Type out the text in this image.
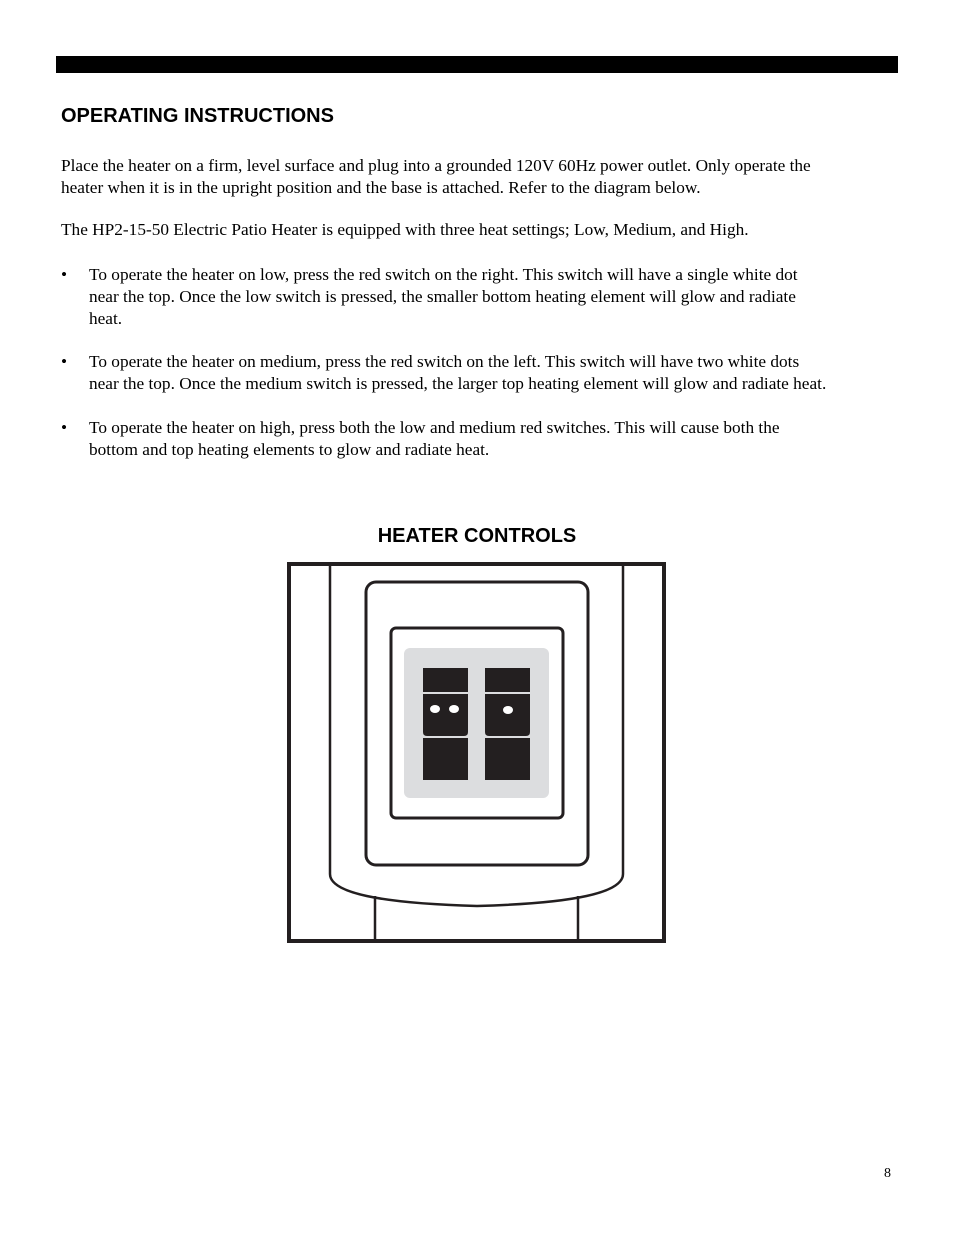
OPERATING INSTRUCTIONS

Place the heater on a firm, level surface and plug into a grounded 120V 60Hz power outlet. Only operate the
heater when it is in the upright position and the base is attached. Refer to the diagram below.

The HP2-15-50 Electric Patio Heater is equipped with three heat settings; Low, Medium, and High.

• To operate the heater on low, press the red switch on the right. This switch will have a single white dot
near the top. Once the low switch is pressed, the smaller bottom heating element will glow and radiate
heat.
• To operate the heater on medium, press the red switch on the left. This switch will have two white dots
near the top. Once the medium switch is pressed, the larger top heating element will glow and radiate heat.
• To operate the heater on high, press both the low and medium red switches. This will cause both the
bottom and top heating elements to glow and radiate heat.
HEATER CONTROLS
8
